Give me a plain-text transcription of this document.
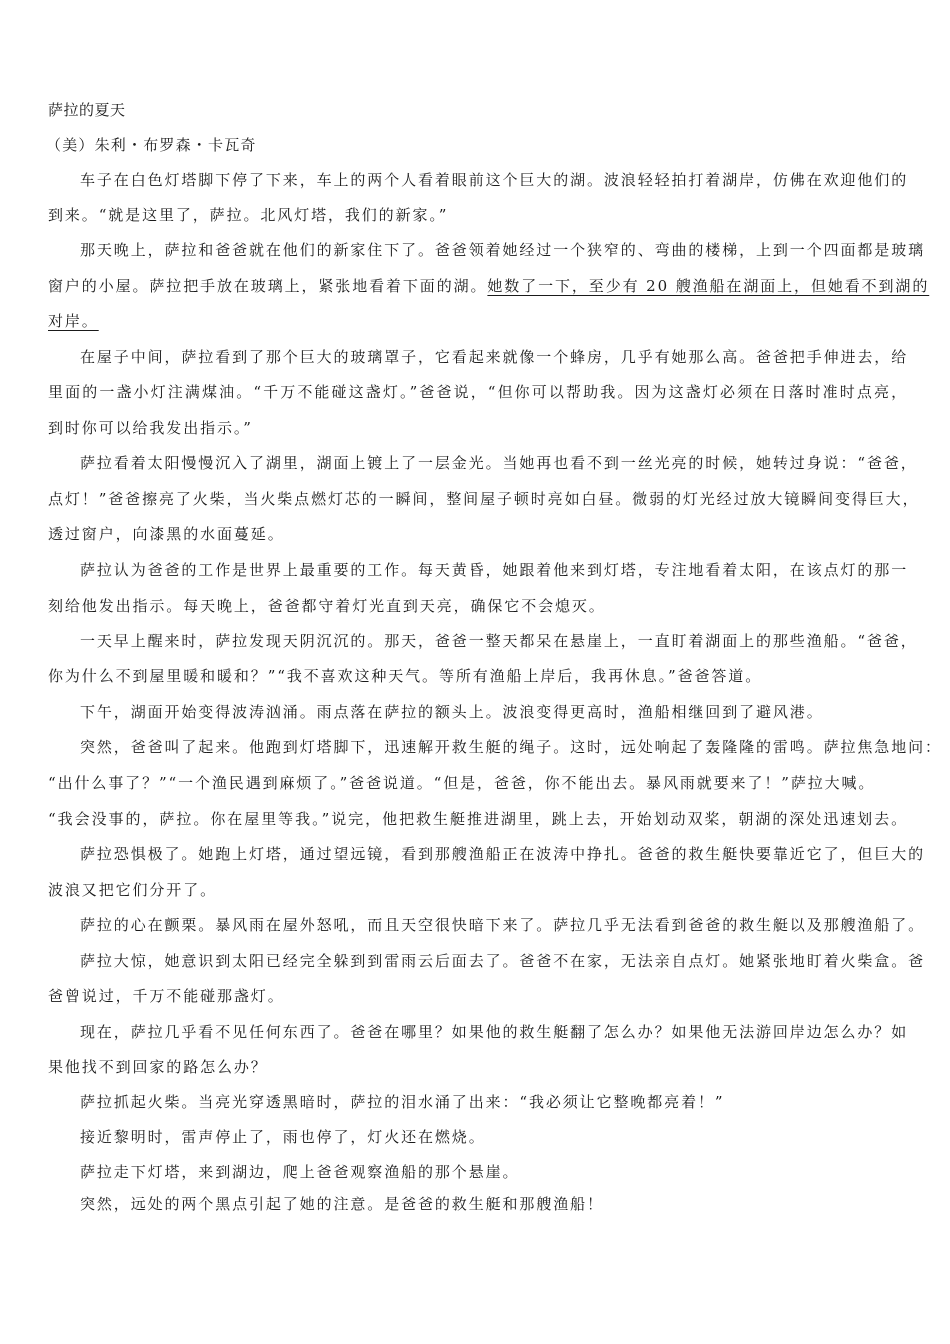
萨拉的夏天
（美）朱利・布罗森・卡瓦奇
车子在白色灯塔脚下停了下来，车上的两个人看着眼前这个巨大的湖。波浪轻轻拍打着湖岸，仿佛在欢迎他们的
到来。“就是这里了，萨拉。北风灯塔，我们的新家。”
那天晚上，萨拉和爸爸就在他们的新家住下了。爸爸领着她经过一个狭窄的、弯曲的楼梯，上到一个四面都是玻璃
窗户的小屋。萨拉把手放在玻璃上，紧张地看着下面的湖。 她数了一下，至少有 20 艘渔船在湖面上，但她看不到湖的
对岸。
在屋子中间，萨拉看到了那个巨大的玻璃罩子，它看起来就像一个蜂房，几乎有她那么高。爸爸把手伸进去，给
里面的一盏小灯注满煤油。“千万不能碰这盏灯。”爸爸说，“但你可以帮助我。因为这盏灯必须在日落时准时点亮，
到时你可以给我发出指示。”
萨拉看着太阳慢慢沉入了湖里，湖面上镀上了一层金光。当她再也看不到一丝光亮的时候，她转过身说：“爸爸，
点灯！”爸爸擦亮了火柴，当火柴点燃灯芯的一瞬间，整间屋子顿时亮如白昼。微弱的灯光经过放大镜瞬间变得巨大，
透过窗户，向漆黑的水面蔓延。
萨拉认为爸爸的工作是世界上最重要的工作。每天黄昏，她跟着他来到灯塔，专注地看着太阳，在该点灯的那一
刻给他发出指示。每天晚上，爸爸都守着灯光直到天亮，确保它不会熄灭。
一天早上醒来时，萨拉发现天阴沉沉的。那天，爸爸一整天都呆在悬崖上，一直盯着湖面上的那些渔船。“爸爸，
你为什么不到屋里暖和暖和？”“我不喜欢这种天气。等所有渔船上岸后，我再休息。”爸爸答道。
下午，湖面开始变得波涛汹涌。雨点落在萨拉的额头上。波浪变得更高时，渔船相继回到了避风港。
突然，爸爸叫了起来。他跑到灯塔脚下，迅速解开救生艇的绳子。这时，远处响起了轰隆隆的雷鸣。萨拉焦急地问：
“出什么事了？”“一个渔民遇到麻烦了。”爸爸说道。“但是，爸爸，你不能出去。暴风雨就要来了！”萨拉大喊。
“我会没事的，萨拉。你在屋里等我。”说完，他把救生艇推进湖里，跳上去，开始划动双桨，朝湖的深处迅速划去。
萨拉恐惧极了。她跑上灯塔，通过望远镜，看到那艘渔船正在波涛中挣扎。爸爸的救生艇快要靠近它了，但巨大的
波浪又把它们分开了。
萨拉的心在颤栗。暴风雨在屋外怒吼，而且天空很快暗下来了。萨拉几乎无法看到爸爸的救生艇以及那艘渔船了。
萨拉大惊，她意识到太阳已经完全躲到到雷雨云后面去了。爸爸不在家，无法亲自点灯。她紧张地盯着火柴盒。爸
爸曾说过，千万不能碰那盏灯。
现在，萨拉几乎看不见任何东西了。爸爸在哪里？如果他的救生艇翻了怎么办？如果他无法游回岸边怎么办？如
果他找不到回家的路怎么办？
萨拉抓起火柴。当亮光穿透黑暗时，萨拉的泪水涌了出来：“我必须让它整晚都亮着！”
接近黎明时，雷声停止了，雨也停了，灯火还在燃烧。
萨拉走下灯塔，来到湖边，爬上爸爸观察渔船的那个悬崖。
突然，远处的两个黑点引起了她的注意。是爸爸的救生艇和那艘渔船！
